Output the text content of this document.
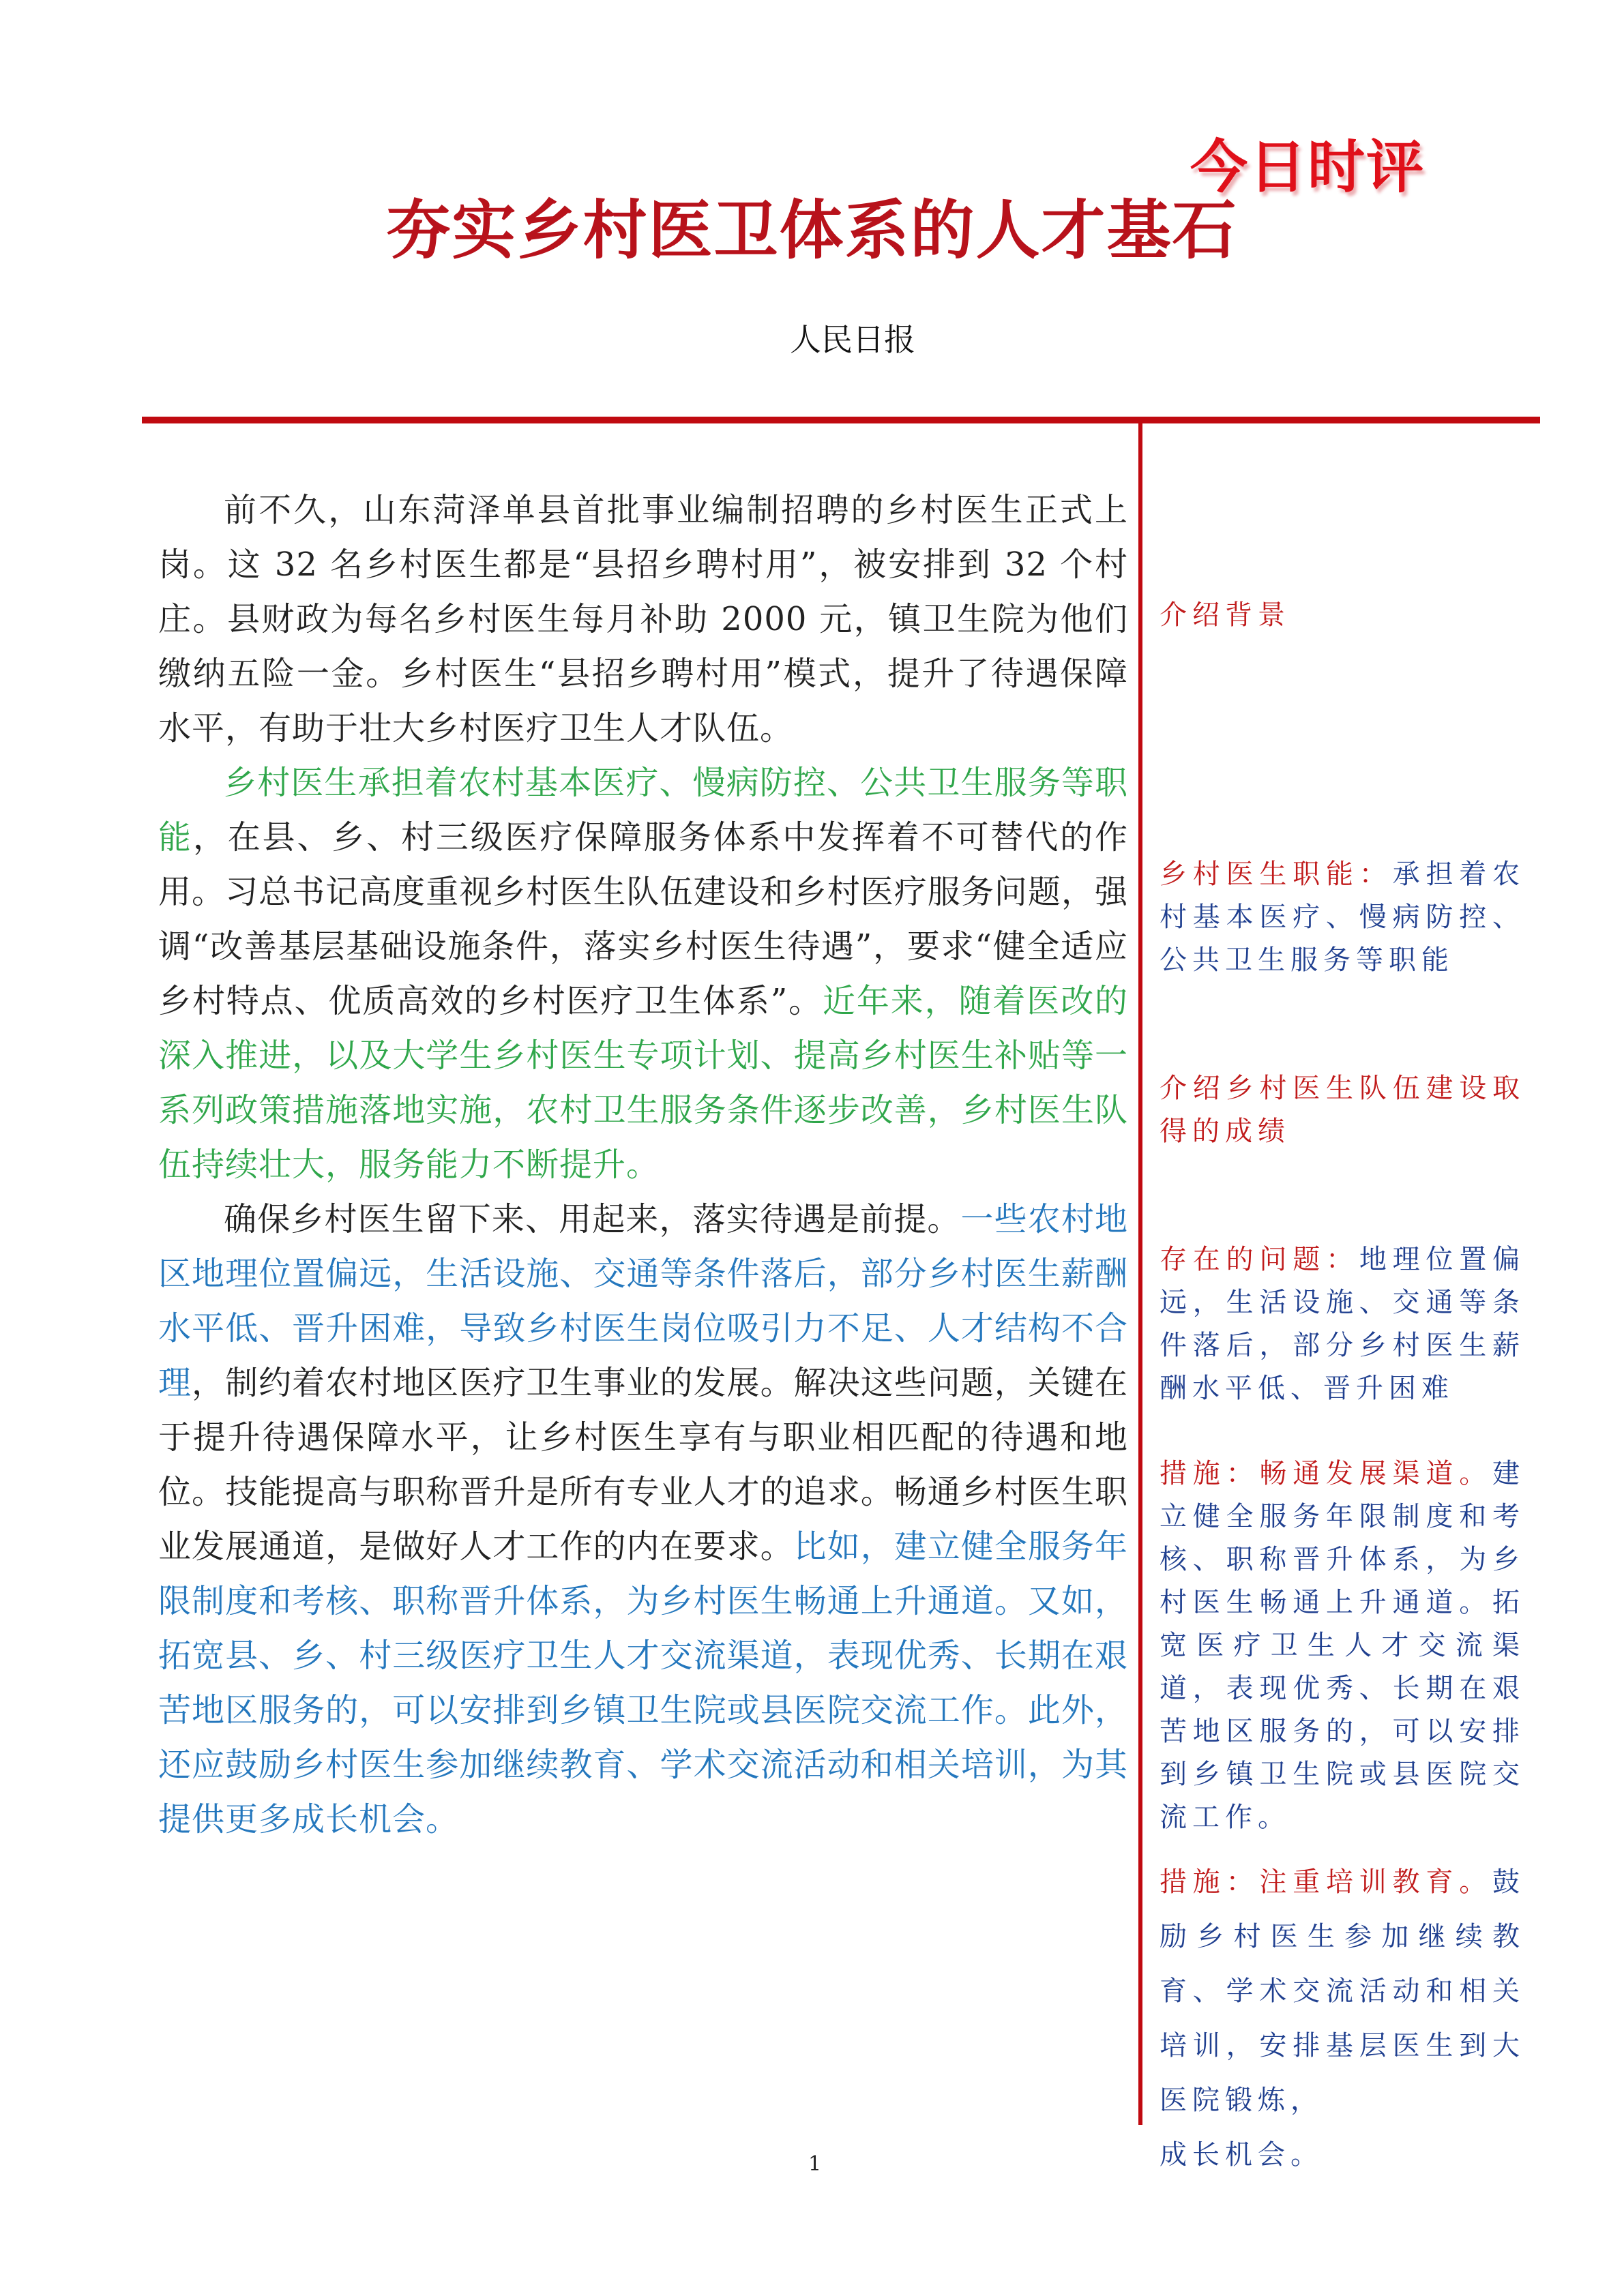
今日时评
夯实乡村医卫体系的人才基石
人民日报

前不久，山东菏泽单县首批事业编制招聘的乡村医生正式上岗。这 32 名乡村医生都是“县招乡聘村用”，被安排到 32 个村庄。县财政为每名乡村医生每月补助 2000 元，镇卫生院为他们缴纳五险一金。乡村医生“县招乡聘村用”模式，提升了待遇保障水平，有助于壮大乡村医疗卫生人才队伍。

乡村医生承担着农村基本医疗、慢病防控、公共卫生服务等职能，在县、乡、村三级医疗保障服务体系中发挥着不可替代的作用。习总书记高度重视乡村医生队伍建设和乡村医疗服务问题，强调“改善基层基础设施条件，落实乡村医生待遇”，要求“健全适应乡村特点、优质高效的乡村医疗卫生体系”。近年来，随着医改的深入推进，以及大学生乡村医生专项计划、提高乡村医生补贴等一系列政策措施落地实施，农村卫生服务条件逐步改善，乡村医生队伍持续壮大，服务能力不断提升。

确保乡村医生留下来、用起来，落实待遇是前提。一些农村地区地理位置偏远，生活设施、交通等条件落后，部分乡村医生薪酬水平低、晋升困难，导致乡村医生岗位吸引力不足、人才结构不合理，制约着农村地区医疗卫生事业的发展。解决这些问题，关键在于提升待遇保障水平，让乡村医生享有与职业相匹配的待遇和地位。技能提高与职称晋升是所有专业人才的追求。畅通乡村医生职业发展通道，是做好人才工作的内在要求。比如，建立健全服务年限制度和考核、职称晋升体系，为乡村医生畅通上升通道。又如，拓宽县、乡、村三级医疗卫生人才交流渠道，表现优秀、长期在艰苦地区服务的，可以安排到乡镇卫生院或县医院交流工作。此外，还应鼓励乡村医生参加继续教育、学术交流活动和相关培训，为其提供更多成长机会。

介绍背景

乡村医生职能：承担着农村基本医疗、慢病防控、公共卫生服务等职能

介绍乡村医生队伍建设取得的成绩

存在的问题：地理位置偏远，生活设施、交通等条件落后，部分乡村医生薪酬水平低、晋升困难

措施：畅通发展渠道。建立健全服务年限制度和考核、职称晋升体系，为乡村医生畅通上升通道。拓宽医疗卫生人才交流渠道，表现优秀、长期在艰苦地区服务的，可以安排到乡镇卫生院或县医院交流工作。

措施：注重培训教育。鼓励乡村医生参加继续教育、学术交流活动和相关培训，安排基层医生到大医院锻炼，
成长机会。

1
